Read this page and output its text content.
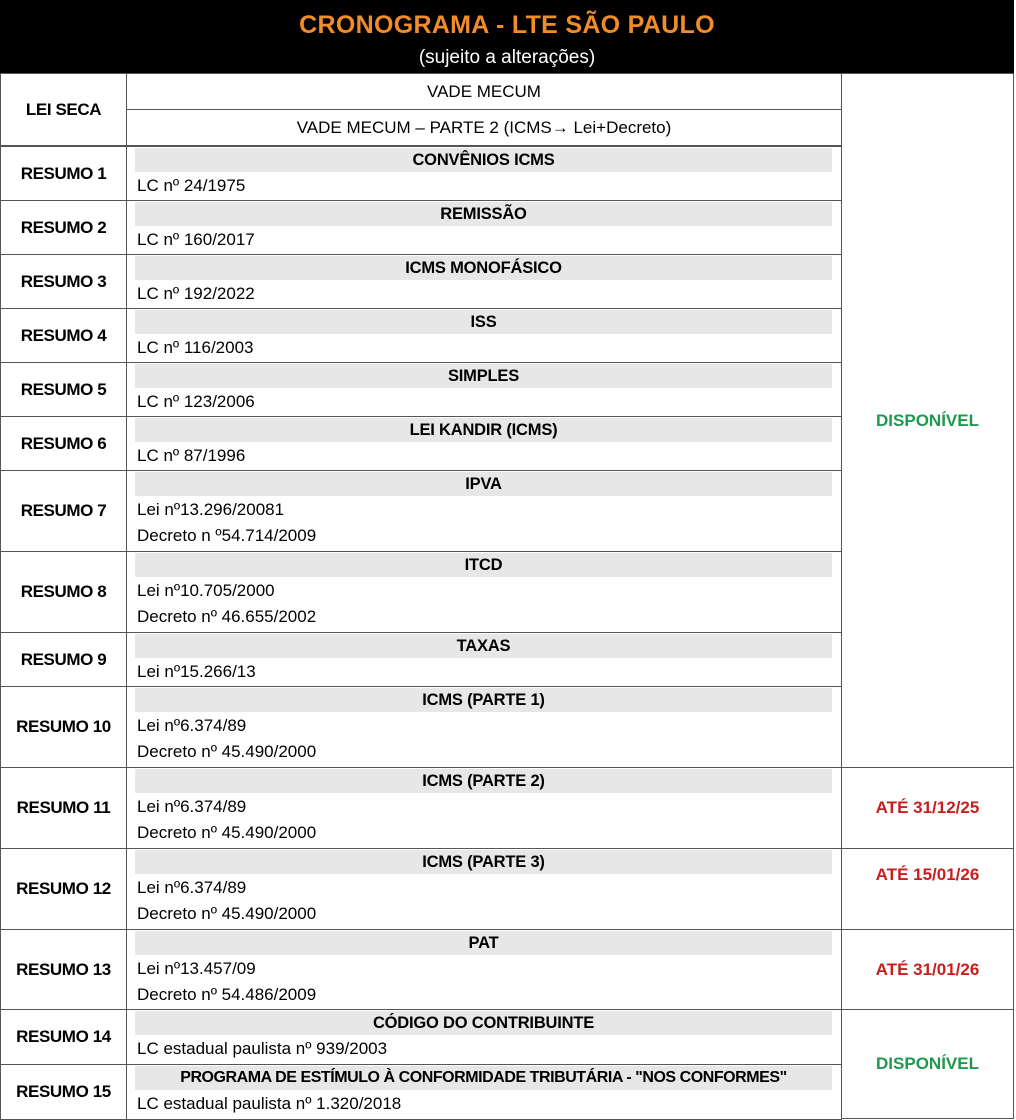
CRONOGRAMA - LTE SÃO PAULO
(sujeito a alterações)
LEI SECA
VADE MECUM
VADE MECUM – PARTE 2 (ICMS→ Lei+Decreto)
RESUMO 1
CONVÊNIOS ICMS
LC nº 24/1975
RESUMO 2
REMISSÃO
LC nº 160/2017
RESUMO 3
ICMS MONOFÁSICO
LC nº 192/2022
RESUMO 4
ISS
LC nº 116/2003
RESUMO 5
SIMPLES
LC nº 123/2006
RESUMO 6
LEI KANDIR (ICMS)
LC nº 87/1996
RESUMO 7
IPVA
Lei nº13.296/20081
Decreto n º54.714/2009
RESUMO 8
ITCD
Lei nº10.705/2000
Decreto nº 46.655/2002
RESUMO 9
TAXAS
Lei nº15.266/13
RESUMO 10
ICMS (PARTE 1)
Lei nº6.374/89
Decreto nº 45.490/2000
RESUMO 11
ICMS (PARTE 2)
Lei nº6.374/89
Decreto nº 45.490/2000
RESUMO 12
ICMS (PARTE 3)
Lei nº6.374/89
Decreto nº 45.490/2000
RESUMO 13
PAT
Lei nº13.457/09
Decreto nº 54.486/2009
RESUMO 14
CÓDIGO DO CONTRIBUINTE
LC estadual paulista nº 939/2003
RESUMO 15
PROGRAMA DE ESTÍMULO À CONFORMIDADE TRIBUTÁRIA - "NOS CONFORMES"
LC estadual paulista nº 1.320/2018
DISPONÍVEL
ATÉ 31/12/25
ATÉ 15/01/26
ATÉ 31/01/26
DISPONÍVEL
